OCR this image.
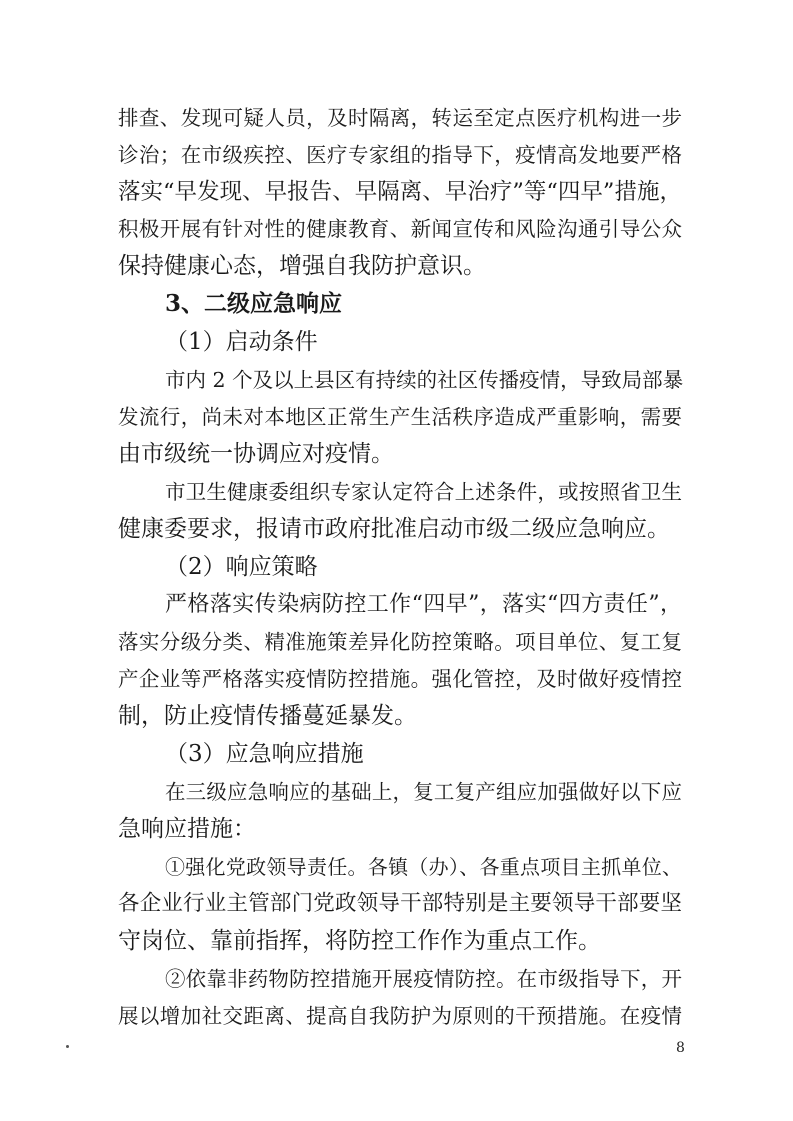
排查、发现可疑人员，及时隔离，转运至定点医疗机构进一步
诊治；在市级疾控、医疗专家组的指导下，疫情高发地要严格
落实“早发现、早报告、早隔离、早治疗”等“四早”措施，
积极开展有针对性的健康教育、新闻宣传和风险沟通引导公众
保持健康心态，增强自我防护意识。
3、二级应急响应
（1）启动条件
市内 2 个及以上县区有持续的社区传播疫情，导致局部暴
发流行，尚未对本地区正常生产生活秩序造成严重影响，需要
由市级统一协调应对疫情。
市卫生健康委组织专家认定符合上述条件，或按照省卫生
健康委要求，报请市政府批准启动市级二级应急响应。
（2）响应策略
严格落实传染病防控工作“四早”，落实“四方责任”，
落实分级分类、精准施策差异化防控策略。项目单位、复工复
产企业等严格落实疫情防控措施。强化管控，及时做好疫情控
制，防止疫情传播蔓延暴发。
（3）应急响应措施
在三级应急响应的基础上，复工复产组应加强做好以下应
急响应措施：
①强化党政领导责任。各镇（办）、各重点项目主抓单位、
各企业行业主管部门党政领导干部特别是主要领导干部要坚
守岗位、靠前指挥，将防控工作作为重点工作。
②依靠非药物防控措施开展疫情防控。在市级指导下，开
展以增加社交距离、提高自我防护为原则的干预措施。在疫情
8
